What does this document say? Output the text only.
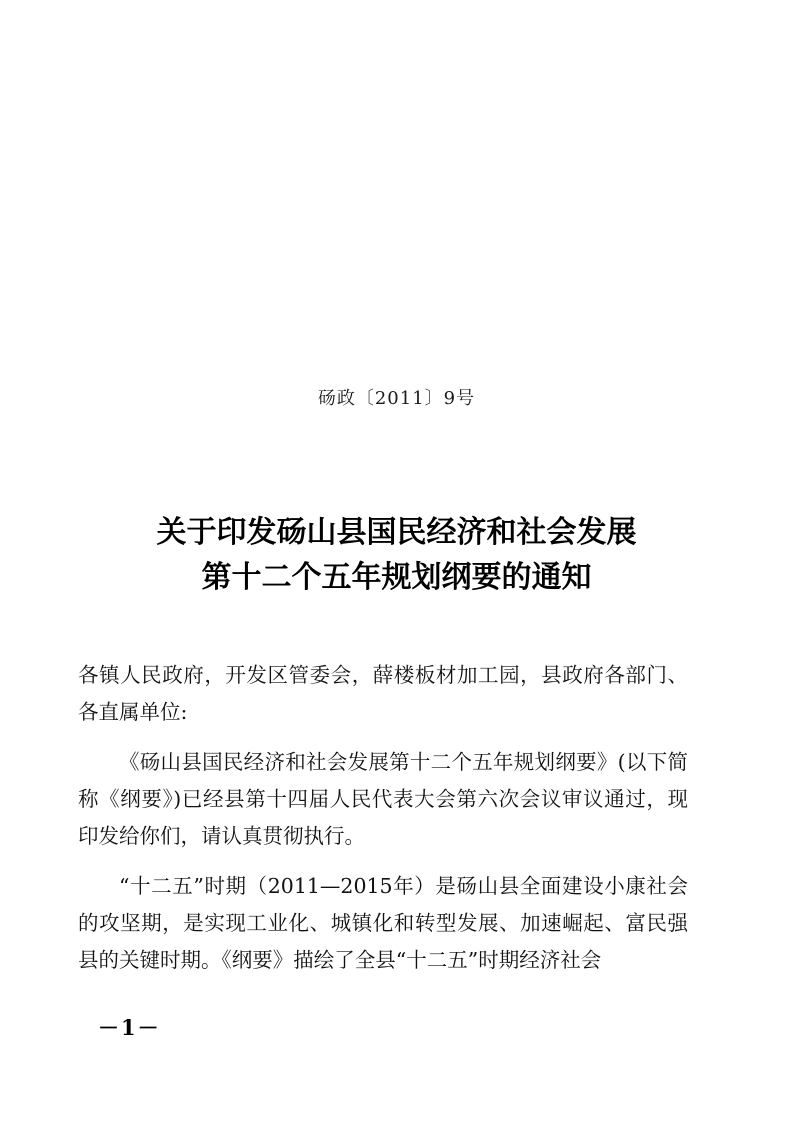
砀政〔2011〕9号
关于印发砀山县国民经济和社会发展
第十二个五年规划纲要的通知

各镇人民政府，开发区管委会，薛楼板材加工园，县政府各部门、各直属单位:

《砀山县国民经济和社会发展第十二个五年规划纲要》(以下简称《纲要》)已经县第十四届人民代表大会第六次会议审议通过，现印发给你们，请认真贯彻执行。

“十二五”时期（2011—2015年）是砀山县全面建设小康社会的攻坚期，是实现工业化、城镇化和转型发展、加速崛起、富民强县的关键时期。《纲要》描绘了全县“十二五”时期经济社会

－1－
